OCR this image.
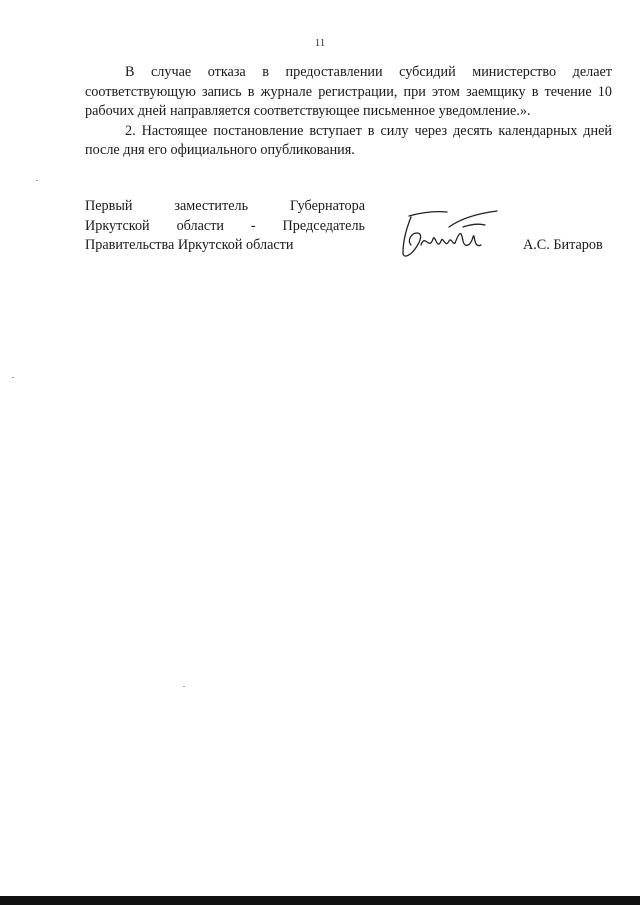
11

В случае отказа в предоставлении субсидий министерство делает соответствующую запись в журнале регистрации, при этом заемщику в течение 10 рабочих дней направляется соответствующее письменное уведомление.».

2. Настоящее постановление вступает в силу через десять календарных дней после дня его официального опубликования.

Первый заместитель Губернатора
Иркутской области - Председатель
Правительства Иркутской области	А.С. Битаров
